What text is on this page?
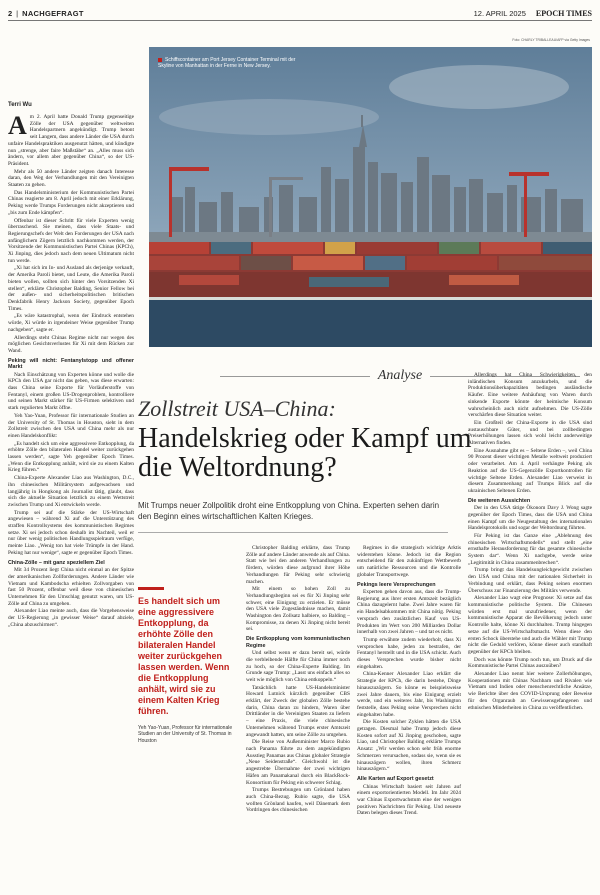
2 | NACHGEFRAGT	12. APRIL 2025 EPOCH TIMES
Foto: CHARLY TRIBALLEAU/AFP via Getty Images
Schiffscontainer am Port Jersey Container Terminal mit der Skyline von Manhattan in der Ferne in New Jersey.
Terri Wu
A m 2. April hatte Donald Trump gegenseitige Zölle der USA gegenüber weltweiten Handelspartnern angekündigt. Trump betont seit Langem, dass andere Länder die USA durch unfaire Handelspraktiken ausgenutzt hätten, und kündigte nun „strenge, aber faire Maßstäbe“ an. „Alles muss sich ändern, vor allem aber gegenüber China“, so der US-Präsident.

Mehr als 50 andere Länder zeigten danach Interesse daran, den Weg der Verhandlungen mit den Vereinigten Staaten zu gehen.

Das Handelsministerium der Kommunistischen Partei Chinas reagierte am 8. April jedoch mit einer Erklärung, Peking werde Trumps Forderungen nicht akzeptieren und „bis zum Ende kämpfen“.

Offenbar ist dieser Schritt für viele Experten wenig überraschend. Sie meinen, dass viele Staats- und Regierungschefs der Welt den Forderungen der USA nach anfänglichem Zögern letztlich nachkommen werden, der Vorsitzende der Kommunistischen Partei Chinas (KPCh), Xi Jinping, dies jedoch nach dem neuen Ultimatum nicht tun werde.

„Xi hat sich im In- und Ausland als derjenige verkauft, der Amerika Paroli bietet, und Leute, die Amerika Paroli bieten wollen, sollten sich hinter den Vorsitzenden Xi stellen“, erklärte Christopher Balding, Senior Fellow bei der außen- und sicherheitspolitischen britischen Denkfabrik Henry Jackson Society, gegenüber Epoch Times.

„Es wäre katastrophal, wenn der Eindruck entstehen würde, Xi würde in irgendeiner Weise gegenüber Trump nachgeben“, sagte er.

Allerdings steht Chinas Regime nicht nur wegen des möglichen Gesichtsverlustes für Xi mit dem Rücken zur Wand.

Peking will nicht: Fentanylstopp und offener Markt

Nach Einschätzung von Experten könne und wolle die KPCh den USA gar nicht das geben, was diese erwarten: dass China seine Exporte für Vorläuferstoffe von Fentanyl, einem großen US-Drogenproblem, kontrolliere und seinen Markt stärker für US-Firmen selektiven und stark regulierten Markt öffne.

Yeh Yao-Yuan, Professor für internationale Studien an der University of St. Thomas in Houston, sieht in dem Zollstreit zwischen den USA und China mehr als nur einen Handelskonflikt:

„Es handelt sich um eine aggressivere Entkopplung, da erhöhte Zölle den bilateralen Handel weiter zurückgehen lassen werden“, sagte Yeh gegenüber Epoch Times. „Wenn die Entkopplung anhält, wird sie zu einem Kalten Krieg führen.“

China-Experte Alexander Liao aus Washington, D.C., ihn chinesischen Militärsystem aufgewachsen und langjährig in Hongkong als Journalist tätig, glaubt, dass sich die aktuelle Situation letztlich zu einem Wettstreit zwischen Trump und Xi entwickeln werde.

Trump sei auf die Stärke der US-Wirtschaft angewiesen – während Xi auf die Unterstützung des straffen Kontrollsystems des kommunistischen Regimes setze. Xi sei jedoch schon deshalb im Nachteil, weil er nur über wenig politischen Handlungsspielraum verfüge, meinte Liao. „Wenig ton hat viele Trümpfe in der Hand. Peking hat nur wenige“, sagte er gegenüber Epoch Times.

China-Zölle – mit ganz speziellem Ziel

Mit 34 Prozent liegt China nicht einmal an der Spitze der amerikanischen Zollforderungen. Andere Länder wie Vietnam und Kambodscha erhielten Zollvorgaben von fast 50 Prozent, offenbar weil diese von chinesischen Unternehmen für den Umschlag genutzt waren, um US-Zölle auf China zu umgehen.

Alexander Liao meinte auch, dass die Vorgehensweise der US-Regierung „in gewisser Weise“ darauf abziele, „China abzuschirmen“.

Analyse
Zollstreit USA–China:
Handelskrieg oder Kampf um die Weltordnung?
Mit Trumps neuer Zollpolitik droht eine Entkopplung von China. Experten sehen darin den Beginn eines wirtschaftlichen Kalten Krieges.
Es handelt sich um eine aggressivere Entkopplung, da erhöhte Zölle den bilateralen Handel weiter zurückgehen lassen werden. Wenn die Entkopplung anhält, wird sie zu einem Kalten Krieg führen.
Yeh Yao-Yuan, Professor für internationale Studien an der University of St. Thomas in Houston

Christopher Balding erklärte, dass Trump Zölle auf andere Länder anwende als auf China. Statt wie bei den anderen Verhandlungen zu fördern, würden diese aufgrund ihrer Höhe Verhandlungen für Peking sehr schwierig machen.

Mit einem so hohen Zoll zu Verhandlungsbeginn sei es für Xi Jinping sehr schwer, eine Einigung zu erzielen. Er müsse den USA viele Zugeständnisse machen, damit Washington den Zollsatz halbiere, so Balding – Kompromisse, zu denen Xi Jinping nicht bereit sei.

Die Entkopplung vom kommunistischen Regime

Und selbst wenn er dazu bereit sei, würde die verbleibende Hälfte für China immer noch zu hoch, so der China-Experte Balding. Im Grunde sage Trump: „Lasst uns einfach alles so weit wie möglich von China entkoppeln.“

Tatsächlich hatte US-Handelsminister Howard Lutnick kürzlich gegenüber CBS erklärt, der Zweck der globalen Zölle bestehe darin, China daran zu hindern, Waren über Drittländer in die Vereinigten Staaten zu liefern – eine Praxis, die viele chinesische Unternehmen während Trumps erster Amtszeit angewandt hatten, um seine Zölle zu umgehen.

Die Reise von Außenminister Marco Rubio nach Panama führte zu dem angekündigten Ausstieg Panamas aus Chinas globaler Strategie „Neue Seidenstraße“. Gleichwohl ist die angestrebte Übernahme der zwei wichtigen Häfen am Panamakanal durch ein BlackRock-Konsortium für Peking ein schwerer Schlag.

Trumps Bestrebungen um Grönland haben auch China-Bezug. Rubio sagte, die USA wollten Grönland kaufen, weil Dänemark dem Vordringen des chinesischen

Regimes in die strategisch wichtige Arktis widerstehen könne. Jedoch ist die Region entscheidend für den zukünftigen Wettbewerb um natürliche Ressourcen und die Kontrolle globaler Transportwege.

Pekings leere Versprechungen

Experten gehen davon aus, dass die Trump-Regierung aus ihrer ersten Amtszeit bezüglich China dazugelernt habe. Zwei Jahre waren für ein Handelsabkommen mit China nötig. Peking versprach den zusätzlichen Kauf von US-Produkten im Wert von 200 Milliarden Dollar innerhalb von zwei Jahren – und tat es nicht.

Trump erwähnte zudem wiederholt, dass Xi versprochen habe, jeden zu bestrafen, der Fentanyl herstellt und in die USA schickt. Auch dieses Versprechen wurde bisher nicht eingehalten.

China-Kenner Alexander Liao erklärt die Strategie der KPCh, die darin bestehe, Dinge hinauszuzögern. So könne es beispielsweise zwei Jahre dauern, bis eine Einigung erzielt werde, und ein weiteres Jahr, bis Washington feststelle, dass Peking seine Versprechen nicht eingehalten habe.

Die Kosten solcher Zyklen hätten die USA getragen. Diesmal habe Trump jedoch diese Kosten sofort auf Xi Jinping geschoben, sagte Liao, und Christopher Balding erklärte Trumps Ansatz: „Wir werden schon sehr früh enorme Schmerzen verursachen, sodass sie, wenn sie es hinauszögern wollen, ihren Schmerz hinauszögern.“

Alle Karten auf Export gesetzt

Chinas Wirtschaft basiert seit Jahren auf einem exportorientierten Modell. Im Jahr 2024 war Chinas Exportwachstum eine der wenigen positiven Nachrichten für Peking. Und neueste Daten belegen dieses Trend.

Allerdings hat China Schwierigkeiten, den inländischen Konsum anzukurbeln, und die Produktionsüberkapazitäten bedingen ausländische Käufer. Eine weitere Anhäufung von Waren durch sinkende Exporte könnte der heimische Konsum wahrscheinlich auch nicht aufnehmen. Die US-Zölle verschärfen diese Situation weiter.

Ein Großteil der China-Exporte in die USA sind austauschbare Güter, und bei zollbedingten Preiserhöhungen lassen sich wohl leicht anderweitige Alternativen finden.

Eine Ausnahme gibt es – Seltene Erden –, weil China 90 Prozent dieser wichtigen Metalle weltweit produziert oder verarbeitet. Am 4. April verhängte Peking als Reaktion auf die US-Gegenzölle Exportkontrollen für wichtige Seltene Erden. Alexander Liao verweist in diesem Zusammenhang auf Trumps Blick auf die ukrainischen Seltenen Erden.

Die weiteren Aussichten

Der in den USA tätige Ökonom Davy J. Wong sagte gegenüber der Epoch Times, dass die USA und China einen Kampf um die Neugestaltung des internationalen Handelsprotokolls und sogar der Weltordnung führten.

Für Peking ist das Ganze eine „Ablehnung des chinesischen Wirtschaftsmodells“ und stellt „eine ernsthafte Herausforderung für das gesamte chinesische System dar“. Wenn Xi nachgebe, werde seine „Legitimität in China zusammenbrechen“.

Trump bringt das Handelsungleichgewicht zwischen den USA und China mit der nationalen Sicherheit in Verbindung und erklärt, dass Peking seinen enormen Überschuss zur Finanzierung des Militärs verwende.

Alexander Liao wagt eine Prognose: Xi setze auf das kommunistische politische System. Die Chinesen würden erst mal unzufriedener, wenn der kommunistische Apparat die Bevölkerung jedoch unter Kontrolle halte, könne Xi durchhalten. Trump hingegen setze auf die US-Wirtschaftsmacht. Wenn diese den ersten Schock überstehe und auch die Wähler mit Trump nicht die Geduld verlören, könne dieser auch standhaft gegenüber der KPCh bleiben.

Doch was könnte Trump noch tun, um Druck auf die Kommunistische Partei Chinas auszuüben?

Alexander Liao nennt hier weitere Zollerhöhungen, Kooperationen mit Chinas Nachbarn und Rivalen wie Vietnam und Indien oder menschenrechtliche Ansätze, wie Berichte über den COVID-Ursprung oder Beweise für den Organraub an Gewissensgefangenen und ethnischen Minderheiten in China zu veröffentlichen.
